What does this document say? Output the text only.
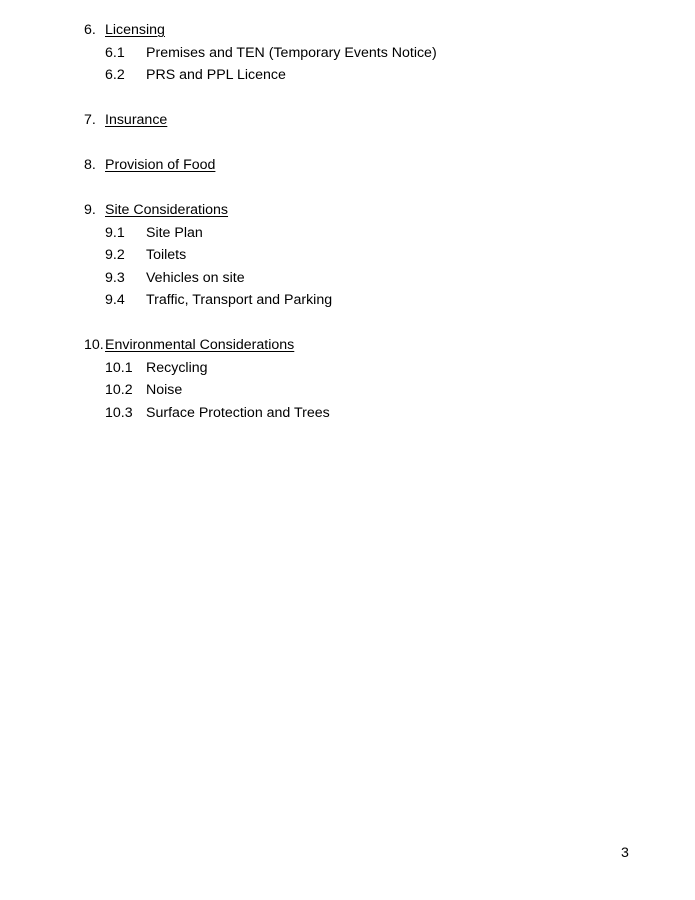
6. Licensing
6.1 Premises and TEN (Temporary Events Notice)
6.2 PRS and PPL Licence
7. Insurance
8. Provision of Food
9. Site Considerations
9.1 Site Plan
9.2 Toilets
9.3 Vehicles on site
9.4 Traffic, Transport and Parking
10. Environmental Considerations
10.1 Recycling
10.2 Noise
10.3 Surface Protection and Trees
3
